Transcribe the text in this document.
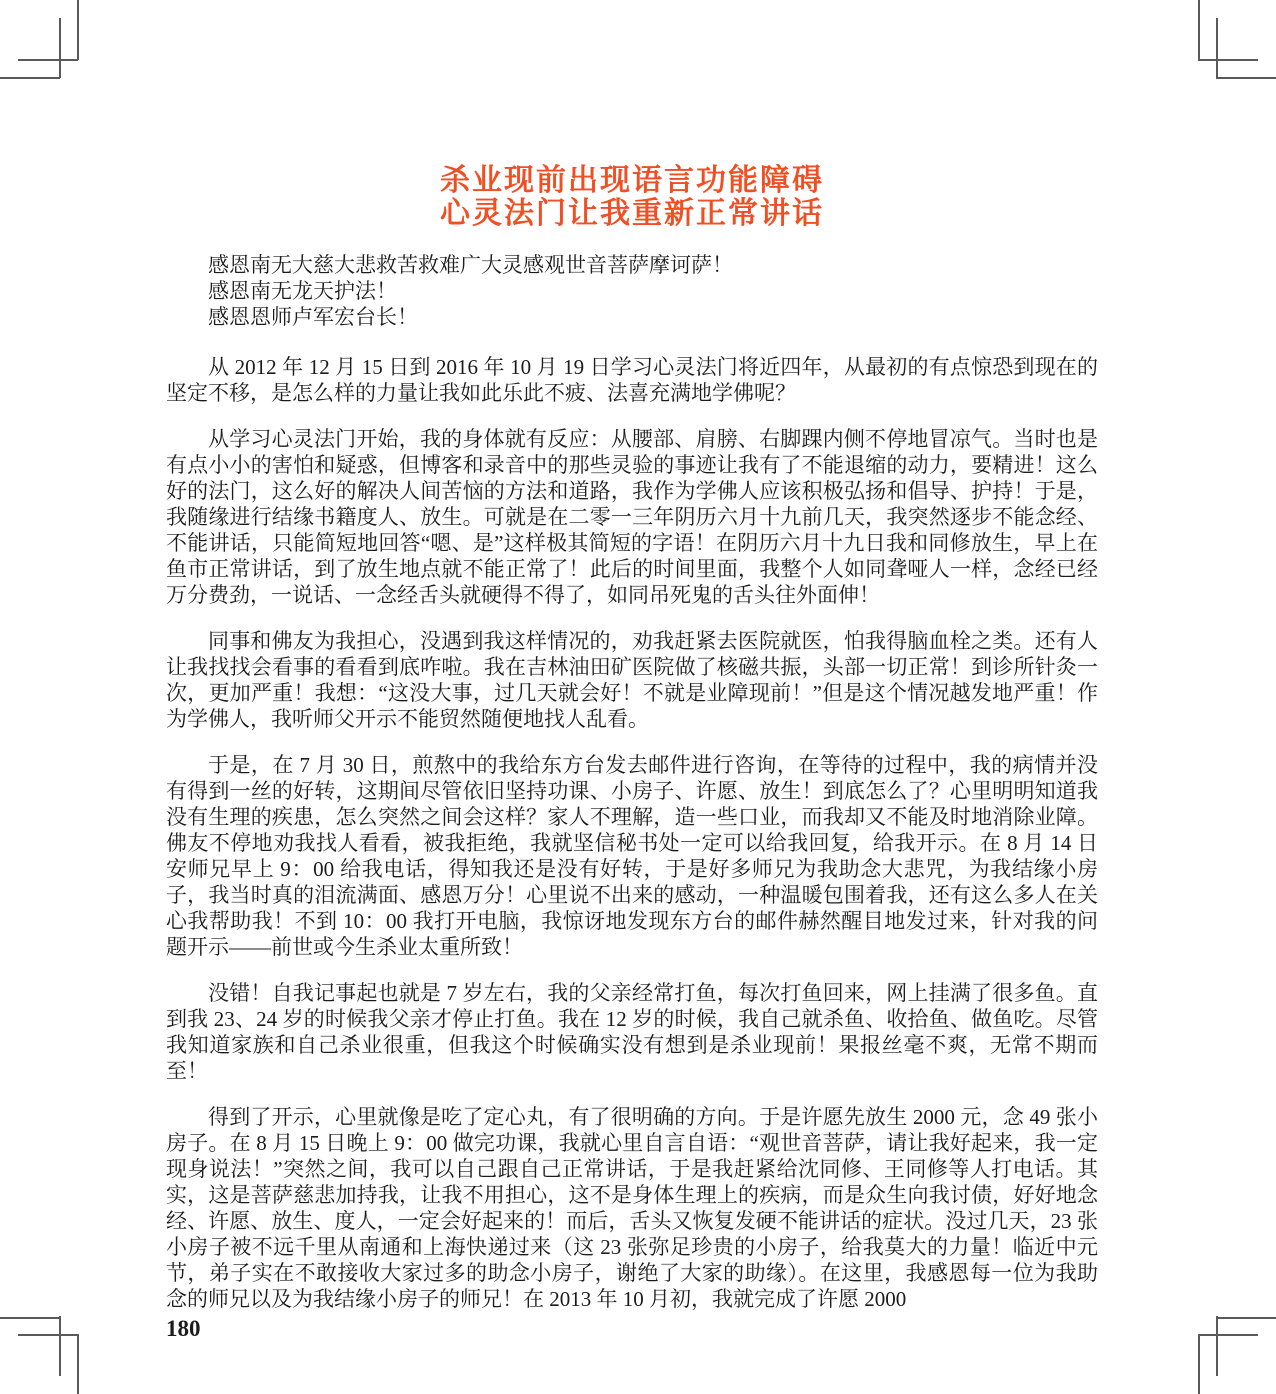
杀业现前出现语言功能障碍
心灵法门让我重新正常讲话

感恩南无大慈大悲救苦救难广大灵感观世音菩萨摩诃萨！

感恩南无龙天护法！

感恩恩师卢军宏台长！

从 2012 年 12 月 15 日到 2016 年 10 月 19 日学习心灵法门将近四年，从最初的有点惊恐到现在的坚定不移，是怎么样的力量让我如此乐此不疲、法喜充满地学佛呢？

从学习心灵法门开始，我的身体就有反应：从腰部、肩膀、右脚踝内侧不停地冒凉气。当时也是有点小小的害怕和疑惑，但博客和录音中的那些灵验的事迹让我有了不能退缩的动力，要精进！这么好的法门，这么好的解决人间苦恼的方法和道路，我作为学佛人应该积极弘扬和倡导、护持！于是，我随缘进行结缘书籍度人、放生。可就是在二零一三年阴历六月十九前几天，我突然逐步不能念经、不能讲话，只能简短地回答“嗯、是”这样极其简短的字语！在阴历六月十九日我和同修放生，早上在鱼市正常讲话，到了放生地点就不能正常了！此后的时间里面，我整个人如同聋哑人一样，念经已经万分费劲，一说话、一念经舌头就硬得不得了，如同吊死鬼的舌头往外面伸！

同事和佛友为我担心，没遇到我这样情况的，劝我赶紧去医院就医，怕我得脑血栓之类。还有人让我找找会看事的看看到底咋啦。我在吉林油田矿医院做了核磁共振，头部一切正常！到诊所针灸一次，更加严重！我想：“这没大事，过几天就会好！不就是业障现前！”但是这个情况越发地严重！作为学佛人，我听师父开示不能贸然随便地找人乱看。

于是，在 7 月 30 日，煎熬中的我给东方台发去邮件进行咨询，在等待的过程中，我的病情并没有得到一丝的好转，这期间尽管依旧坚持功课、小房子、许愿、放生！到底怎么了？心里明明知道我没有生理的疾患，怎么突然之间会这样？家人不理解，造一些口业，而我却又不能及时地消除业障。佛友不停地劝我找人看看，被我拒绝，我就坚信秘书处一定可以给我回复，给我开示。在 8 月 14 日安师兄早上 9：00 给我电话，得知我还是没有好转，于是好多师兄为我助念大悲咒，为我结缘小房子，我当时真的泪流满面、感恩万分！心里说不出来的感动，一种温暖包围着我，还有这么多人在关心我帮助我！不到 10：00 我打开电脑，我惊讶地发现东方台的邮件赫然醒目地发过来，针对我的问题开示——前世或今生杀业太重所致！

没错！自我记事起也就是 7 岁左右，我的父亲经常打鱼，每次打鱼回来，网上挂满了很多鱼。直到我 23、24 岁的时候我父亲才停止打鱼。我在 12 岁的时候，我自己就杀鱼、收拾鱼、做鱼吃。尽管我知道家族和自己杀业很重，但我这个时候确实没有想到是杀业现前！果报丝毫不爽，无常不期而至！

得到了开示，心里就像是吃了定心丸，有了很明确的方向。于是许愿先放生 2000 元，念 49 张小房子。在 8 月 15 日晚上 9：00 做完功课，我就心里自言自语：“观世音菩萨，请让我好起来，我一定现身说法！”突然之间，我可以自己跟自己正常讲话，于是我赶紧给沈同修、王同修等人打电话。其实，这是菩萨慈悲加持我，让我不用担心，这不是身体生理上的疾病，而是众生向我讨债，好好地念经、许愿、放生、度人，一定会好起来的！而后，舌头又恢复发硬不能讲话的症状。没过几天，23 张小房子被不远千里从南通和上海快递过来（这 23 张弥足珍贵的小房子，给我莫大的力量！临近中元节，弟子实在不敢接收大家过多的助念小房子，谢绝了大家的助缘）。在这里，我感恩每一位为我助念的师兄以及为我结缘小房子的师兄！在 2013 年 10 月初，我就完成了许愿 2000

180
